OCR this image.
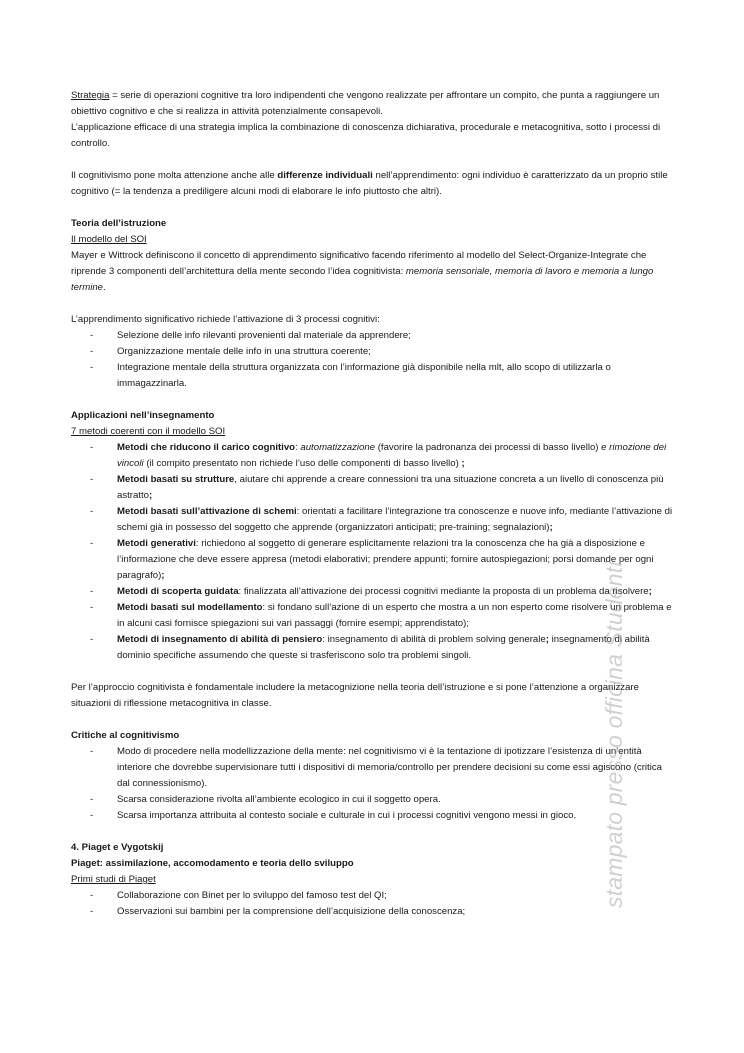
Strategia = serie di operazioni cognitive tra loro indipendenti che vengono realizzate per affrontare un compito, che punta a raggiungere un obiettivo cognitivo e che si realizza in attività potenzialmente consapevoli.

L’applicazione efficace di una strategia implica la combinazione di conoscenza dichiarativa, procedurale e metacognitiva, sotto i processi di controllo.

Il cognitivismo pone molta attenzione anche alle differenze individuali nell’apprendimento: ogni individuo è caratterizzato da un proprio stile cognitivo (= la tendenza a prediligere alcuni modi di elaborare le info piuttosto che altri).

Teoria dell’istruzione

Il modello del SOI

Mayer e Wittrock definiscono il concetto di apprendimento significativo facendo riferimento al modello del Select-Organize-Integrate che riprende 3 componenti dell’architettura della mente secondo l’idea cognitivista: memoria sensoriale, memoria di lavoro e memoria a lungo termine.

L’apprendimento significativo richiede l’attivazione di 3 processi cognitivi:

- Selezione delle info rilevanti provenienti dal materiale da apprendere;
- Organizzazione mentale delle info in una struttura coerente;
- Integrazione mentale della struttura organizzata con l’informazione già disponibile nella mlt, allo scopo di utilizzarla o immagazzinarla.

Applicazioni nell’insegnamento

7 metodi coerenti con il modello SOI

- Metodi che riducono il carico cognitivo: automatizzazione (favorire la padronanza dei processi di basso livello) e rimozione dei vincoli (il compito presentato non richiede l’uso delle componenti di basso livello) ;
- Metodi basati su strutture, aiutare chi apprende a creare connessioni tra una situazione concreta a un livello di conoscenza più astratto;
- Metodi basati sull’attivazione di schemi: orientati a facilitare l’integrazione tra conoscenze e nuove info, mediante l’attivazione di schemi già in possesso del soggetto che apprende (organizzatori anticipati; pre-training; segnalazioni);
- Metodi generativi: richiedono al soggetto di generare esplicitamente relazioni tra la conoscenza che ha già a disposizione e l’informazione che deve essere appresa (metodi elaborativi; prendere appunti; fornire autospiegazioni; porsi domande per ogni paragrafo);
- Metodi di scoperta guidata: finalizzata all’attivazione dei processi cognitivi mediante la proposta di un problema da risolvere;
- Metodi basati sul modellamento: si fondano sull’azione di un esperto che mostra a un non esperto come risolvere un problema e in alcuni casi fornisce spiegazioni sui vari passaggi (fornire esempi; apprendistato);
- Metodi di insegnamento di abilità di pensiero: insegnamento di abilità di problem solving generale; insegnamento di abilità dominio specifiche assumendo che queste si trasferiscono solo tra problemi singoli.

Per l’approccio cognitivista è fondamentale includere la metacognizione nella teoria dell’istruzione e si pone l’attenzione a organizzare situazioni di riflessione metacognitiva in classe.

Critiche al cognitivismo

- Modo di procedere nella modellizzazione della mente: nel cognitivismo vi è la tentazione di ipotizzare l’esistenza di un’entità interiore che dovrebbe supervisionare tutti i dispositivi di memoria/controllo per prendere decisioni su come essi agiscono (critica dal connessionismo).
- Scarsa considerazione rivolta all’ambiente ecologico in cui il soggetto opera.
- Scarsa importanza attribuita al contesto sociale e culturale in cui i processi cognitivi vengono messi in gioco.

4. Piaget e Vygotskij

Piaget: assimilazione, accomodamento e teoria dello sviluppo

Primi studi di Piaget

- Collaborazione con Binet per lo sviluppo del famoso test del QI;
- Osservazioni sui bambini per la comprensione dell’acquisizione della conoscenza;
stampato presso officina Studenti
